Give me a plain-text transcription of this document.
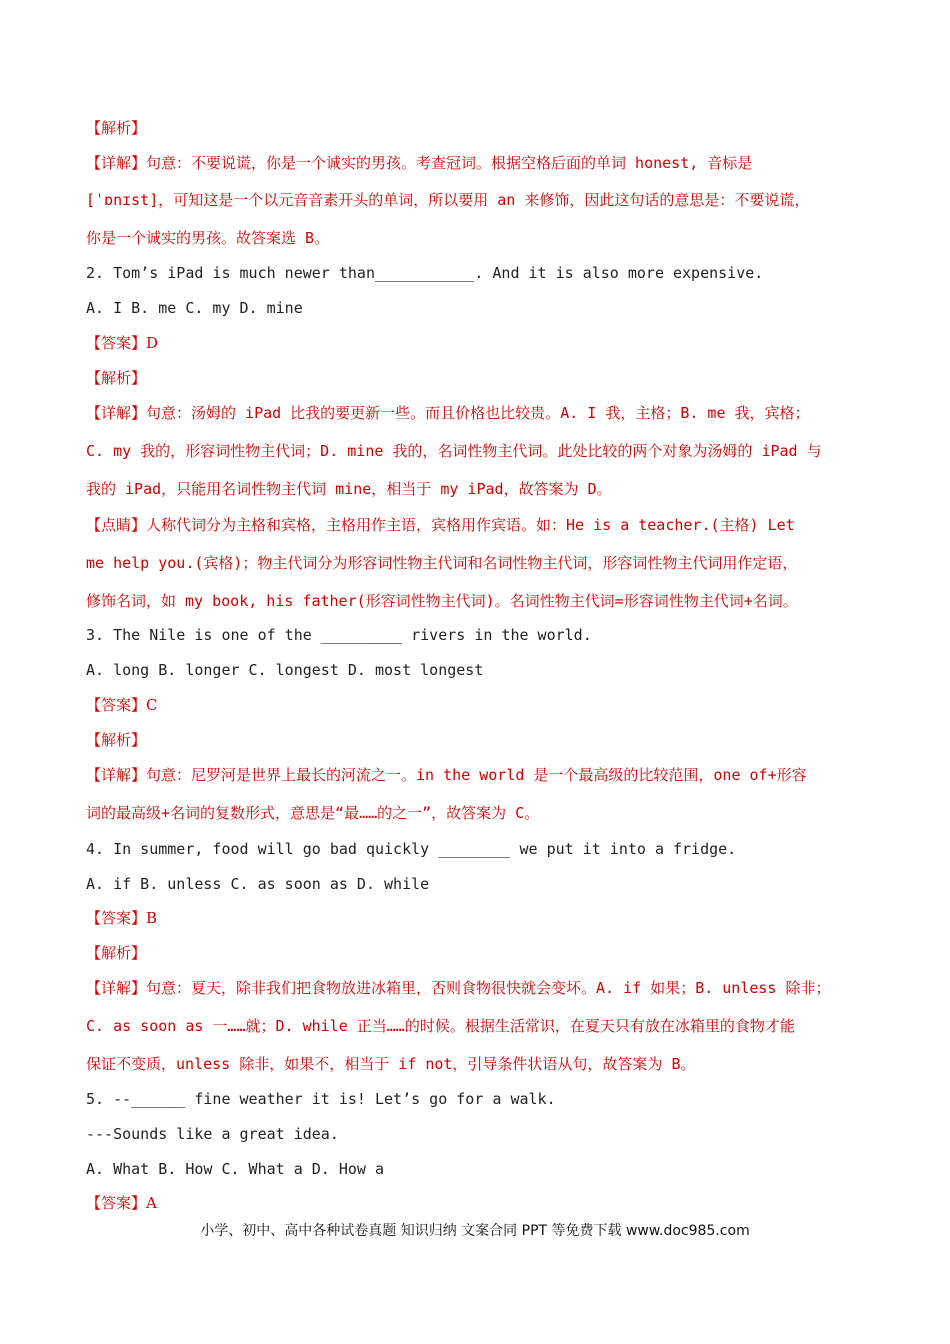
【解析】
【详解】句意：不要说谎，你是一个诚实的男孩。考查冠词。根据空格后面的单词 honest, 音标是
[ˈɒnɪst]，可知这是一个以元音音素开头的单词，所以要用 an 来修饰，因此这句话的意思是：不要说谎，
你是一个诚实的男孩。故答案选 B。
2. Tom’s iPad is much newer than___________. And it is also more expensive.
A. I B. me C. my D. mine
【答案】D
【解析】
【详解】句意：汤姆的 iPad 比我的要更新一些。而且价格也比较贵。A. I 我，主格；B. me 我，宾格；
C. my 我的，形容词性物主代词；D. mine 我的，名词性物主代词。此处比较的两个对象为汤姆的 iPad 与
我的 iPad，只能用名词性物主代词 mine，相当于 my iPad，故答案为 D。
【点睛】人称代词分为主格和宾格，主格用作主语，宾格用作宾语。如：He is a teacher.(主格) Let
me help you.(宾格)；物主代词分为形容词性物主代词和名词性物主代词，形容词性物主代词用作定语，
修饰名词，如 my book, his father(形容词性物主代词)。名词性物主代词=形容词性物主代词+名词。
3. The Nile is one of the _________ rivers in the world.
A. long B. longer C. longest D. most longest
【答案】C
【解析】
【详解】句意：尼罗河是世界上最长的河流之一。in the world 是一个最高级的比较范围，one of+形容
词的最高级+名词的复数形式，意思是“最……的之一”，故答案为 C。
4. In summer, food will go bad quickly ________ we put it into a fridge.
A. if B. unless C. as soon as D. while
【答案】B
【解析】
【详解】句意：夏天，除非我们把食物放进冰箱里，否则食物很快就会变坏。A. if 如果；B. unless 除非；
C. as soon as 一……就；D. while 正当……的时候。根据生活常识，在夏天只有放在冰箱里的食物才能
保证不变质，unless 除非，如果不，相当于 if not，引导条件状语从句，故答案为 B。
5. --______ fine weather it is! Let’s go for a walk.
---Sounds like a great idea.
A. What B. How C. What a D. How a
【答案】A
小学、初中、高中各种试卷真题 知识归纳 文案合同 PPT 等免费下载 www.doc985.com
